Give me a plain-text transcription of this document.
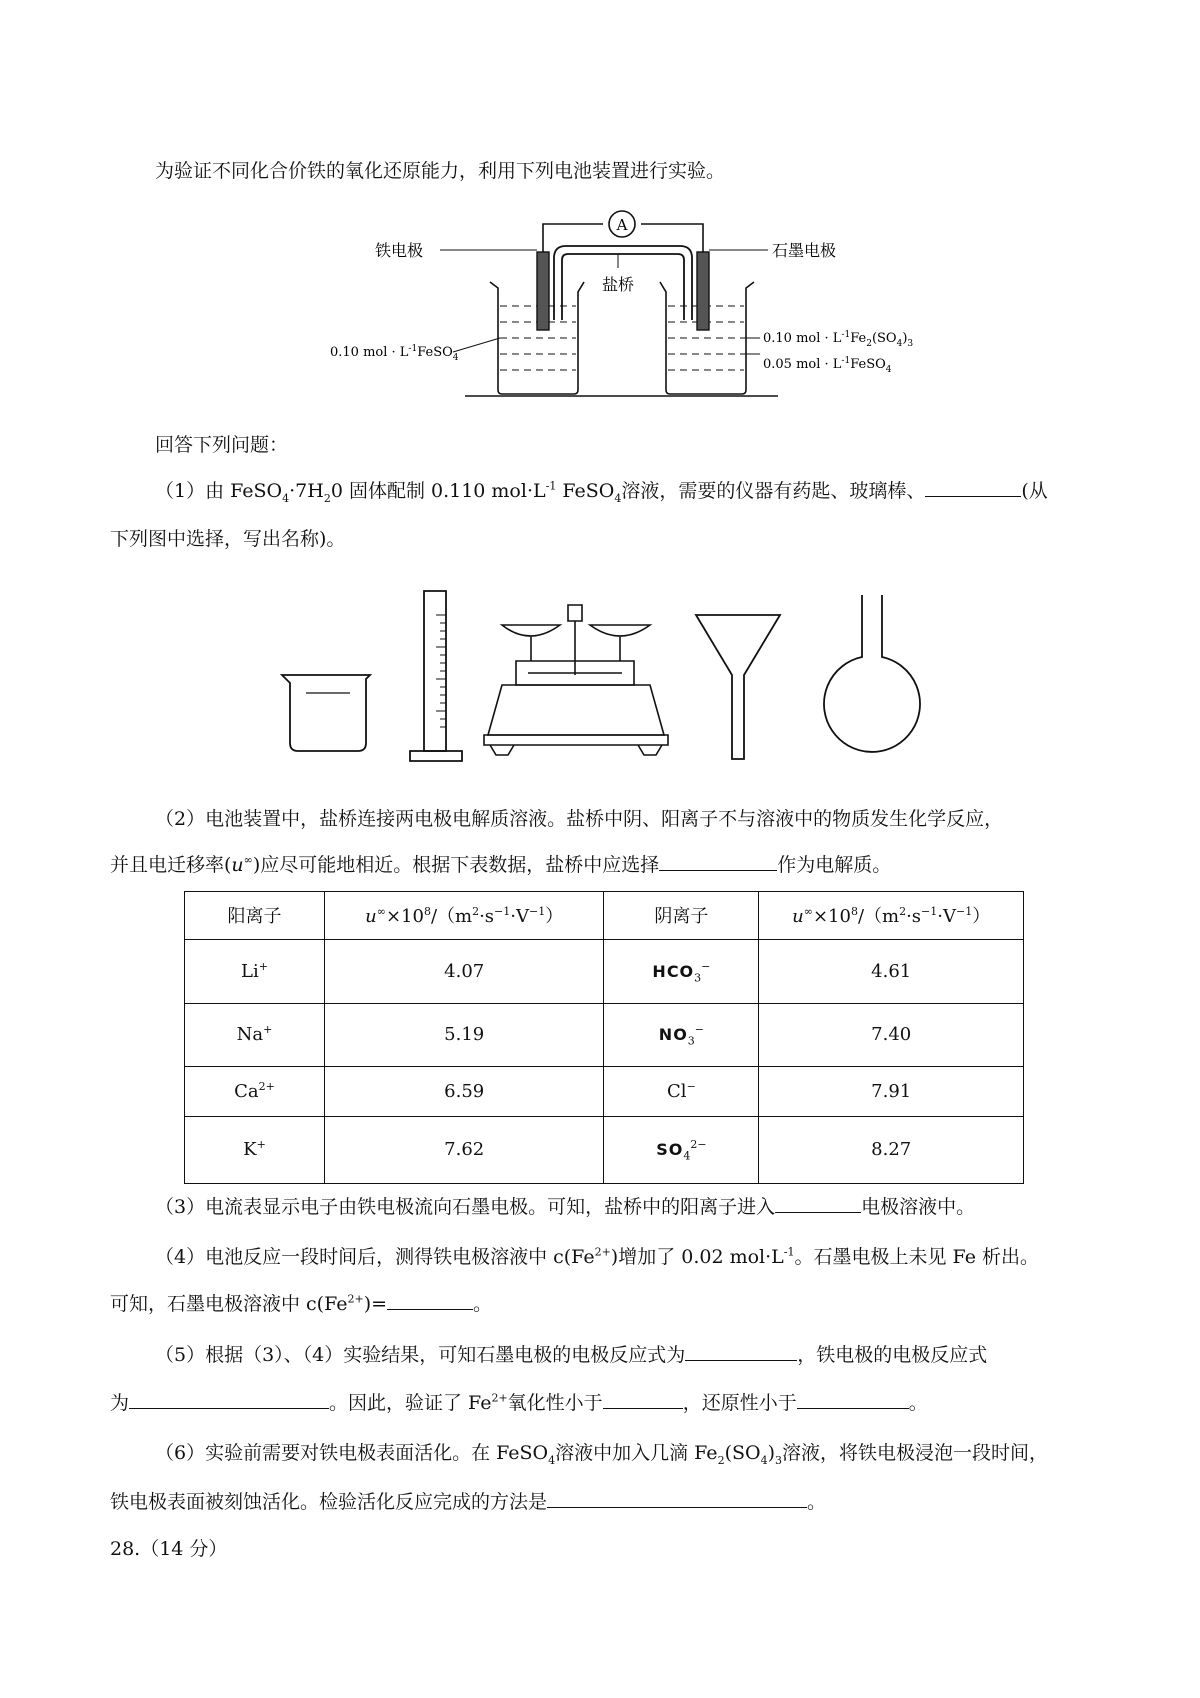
为验证不同化合价铁的氧化还原能力，利用下列电池装置进行实验。
A
盐桥
铁电极	石墨电极
0.10 mol · $L^{-1}FeSO_4$
0.10 mol · $L^{-1}Fe_2(SO_4)_3$
0.05 mol · $L^{-1}FeSO_4$
回答下列问题：
（1）由 $FeSO_4\cdot 7H_20$ 固体配制 0.110 $mol\cdot L^{-1}$ FeSO$_4$溶液，需要的仪器有药匙、玻璃棒、	(从
下列图中选择，写出名称)。
（2）电池装置中，盐桥连接两电极电解质溶液。盐桥中阴、阳离子不与溶液中的物质发生化学反应，
并且电迁移率(u∞)应尽可能地相近。根据下表数据，盐桥中应选择	作为电解质。
阳离子	$u^\infty\times 10^8/(m^2\cdot s^{-1}\cdot V^{-1})$	阴离子	$u^\infty\times 10^8/(m^2\cdot s^{-1}\cdot V^{-1})$
Li+	4.07	$HCO_3^-$	4.61
Na+	5.19	$NO_3^-$	7.40
$Ca^{2+}$	6.59	Cl−	7.91
K+	7.62	$SO_4^{2-}$	8.27
（3）电流表显示电子由铁电极流向石墨电极。可知，盐桥中的阳离子进入	电极溶液中。
（4）电池反应一段时间后，测得铁电极溶液中 $c(Fe^{2+})$增加了 0.02 $mol\cdot L^{-1}$。石墨电极上未见 Fe 析出。
可知，石墨电极溶液中 $c(Fe^{2+})=$	。
（5）根据（3）、（4）实验结果，可知石墨电极的电极反应式为	，铁电极的电极反应式
为	。因此，验证了 $Fe^{2+}$氧化性小于	，还原性小于	。
（6）实验前需要对铁电极表面活化。在 FeSO$_4$溶液中加入几滴 $Fe_2(SO_4)_3$溶液，将铁电极浸泡一段时间，
铁电极表面被刻蚀活化。检验活化反应完成的方法是	。
28.（14 分）
